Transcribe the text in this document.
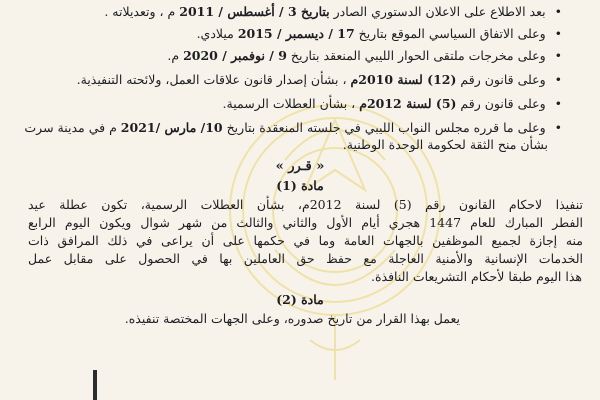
• بعد الاطلاع على الاعلان الدستوري الصادر بتاريخ 3 / أغسطس / 2011 م ، وتعديلاته .
• وعلى الاتفاق السياسي الموقع بتاريخ 17 / ديسمبر / 2015 ميلادي.
• وعلى مخرجات ملتقى الحوار الليبي المنعقد بتاريخ 9 / نوفمبر / 2020 م.
• وعلى قانون رقم (12) لسنة 2010م ، بشأن إصدار قانون علاقات العمل، ولائحته التنفيذية.
• وعلى قانون رقم (5) لسنة 2012م ، بشأن العطلات الرسمية.
• وعلى ما قرره مجلس النواب الليبي في جلسته المنعقدة بتاريخ 10/ مارس /2021 م في مدينة سرت
بشأن منح الثقة لحكومة الوحدة الوطنية.
« قـرر »
مادة (1)
تنفيذا لاحكام القانون رقم (5) لسنة 2012م، بشأن العطلات الرسمية، تكون عطلة عيد
الفطر المبارك للعام 1447 هجري أيام الأول والثاني والثالث من شهر شوال ويكون اليوم الرابع
منه إجازة لجميع الموظفين بالجهات العامة وما في حكمها على أن يراعى في ذلك المرافق ذات
الخدمات الإنسانية والأمنية العاجلة مع حفظ حق العاملين بها في الحصول على مقابل عمل
هذا اليوم طبقا لأحكام التشريعات النافذة.
مادة (2)
يعمل بهذا القرار من تاريخ صدوره، وعلى الجهات المختصة تنفيذه.
